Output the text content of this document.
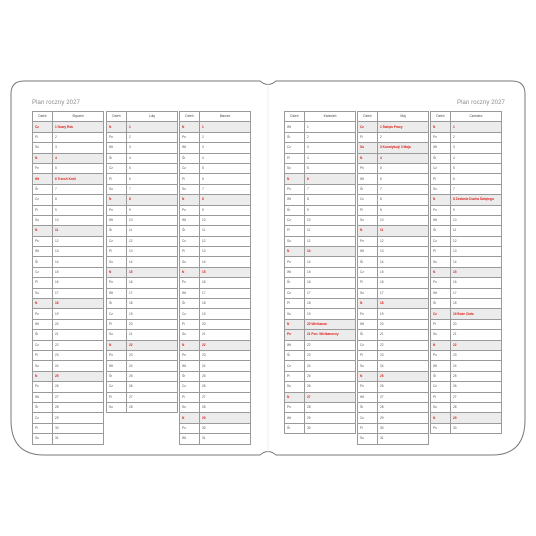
Plan roczny 2027	Plan roczny 2027
Dzień	Styczeń
Cz	1 Nowy Rok
Pi	2
So	3
N	4
Pn	5
Wt	6 Trzech Króli
Śr	7
Cz	8
Pi	9
So	10
N	11
Pn	12
Wt	13
Śr	14
Cz	15
Pi	16
So	17
N	18
Pn	19
Wt	20
Śr	21
Cz	22
Pi	23
So	24
N	25
Pn	26
Wt	27
Śr	28
Cz	29
Pi	30
So	31
Dzień	Luty
N	1
Pn	2
Wt	3
Śr	4
Cz	5
Pi	6
So	7
N	8
Pn	9
Wt	10
Śr	11
Cz	12
Pi	13
So	14
N	15
Pn	16
Wt	17
Śr	18
Cz	19
Pi	20
So	21
N	22
Pn	23
Wt	24
Śr	25
Cz	26
Pi	27
So	28
Dzień	Marzec
N	1
Pn	2
Wt	3
Śr	4
Cz	5
Pi	6
So	7
N	8
Pn	9
Wt	10
Śr	11
Cz	12
Pi	13
So	14
N	15
Pn	16
Wt	17
Śr	18
Cz	19
Pi	20
So	21
N	22
Pn	23
Wt	24
Śr	25
Cz	26
Pi	27
So	28
N	29
Pn	30
Wt	31
Dzień	Kwiecień
Wt	1
Śr	2
Cz	3
Pi	4
So	5
N	6
Pn	7
Wt	8
Śr	9
Cz	10
Pi	11
So	12
N	13
Pn	14
Wt	15
Śr	16
Cz	17
Pi	18
So	19
N	20 Wielkanoc
Pn	21 Pon. Wielkanocny
Wt	22
Śr	23
Cz	24
Pi	25
So	26
N	27
Pn	28
Wt	29
Śr	30
Dzień	Maj
Cz	1 Święto Pracy
Pi	2
So	3 Konstytucji 3 Maja
N	4
Pn	5
Wt	6
Śr	7
Cz	8
Pi	9
So	10
N	11
Pn	12
Wt	13
Śr	14
Cz	15
Pi	16
So	17
N	18
Pn	19
Wt	20
Śr	21
Cz	22
Pi	23
So	24
N	25
Pn	26
Wt	27
Śr	28
Cz	29
Pi	30
So	31
Dzień	Czerwiec
N	1
Pn	2
Wt	3
Śr	4
Cz	5
Pi	6
So	7
N	8 Zesłanie Ducha Świętego
Pn	9
Wt	10
Śr	11
Cz	12
Pi	13
So	14
N	15
Pn	16
Wt	17
Śr	18
Cz	19 Boże Ciało
Pi	20
So	21
N	22
Pn	23
Wt	24
Śr	25
Cz	26
Pi	27
So	28
N	29
Pn	30
